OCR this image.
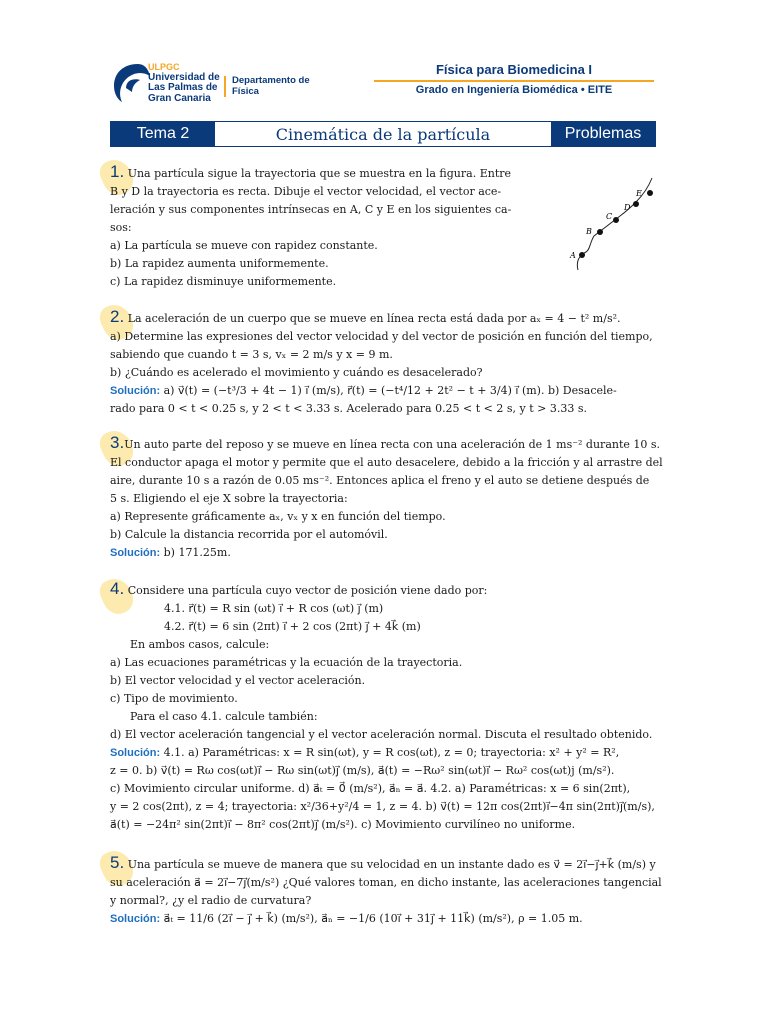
ULPGC
Universidad de
Las Palmas de
Gran Canaria
Departamento de
Física
Física para Biomedicina I
Grado en Ingeniería Biomédica • EITE
Tema 2	Cinemática de la partícula	Problemas
1. Una partícula sigue la trayectoria que se muestra en la figura. Entre
B y D la trayectoria es recta. Dibuje el vector velocidad, el vector ace-
leración y sus componentes intrínsecas en A, C y E en los siguientes ca-
sos:
a) La partícula se mueve con rapidez constante.
b) La rapidez aumenta uniformemente.
c) La rapidez disminuye uniformemente.
A
B
C
D
E
2. La aceleración de un cuerpo que se mueve en línea recta está dada por aₓ = 4 − t² m/s².
a) Determine las expresiones del vector velocidad y del vector de posición en función del tiempo,
sabiendo que cuando t = 3 s, vₓ = 2 m/s y x = 9 m.
b) ¿Cuándo es acelerado el movimiento y cuándo es desacelerado?
Solución: a) v⃗(t) = (−t³/3 + 4t − 1) i⃗ (m/s), r⃗(t) = (−t⁴/12 + 2t² − t + 3/4) i⃗ (m). b) Desacele-
rado para 0 < t < 0.25 s, y 2 < t < 3.33 s. Acelerado para 0.25 < t < 2 s, y t > 3.33 s.
3.Un auto parte del reposo y se mueve en línea recta con una aceleración de 1 ms⁻² durante 10 s.
El conductor apaga el motor y permite que el auto desacelere, debido a la fricción y al arrastre del
aire, durante 10 s a razón de 0.05 ms⁻². Entonces aplica el freno y el auto se detiene después de
5 s. Eligiendo el eje X sobre la trayectoria:
a) Represente gráficamente aₓ, vₓ y x en función del tiempo.
b) Calcule la distancia recorrida por el automóvil.
Solución: b) 171.25m.
4. Considere una partícula cuyo vector de posición viene dado por:
4.1. r⃗(t) = R sin (ωt) i⃗ + R cos (ωt) j⃗ (m)
4.2. r⃗(t) = 6 sin (2πt) i⃗ + 2 cos (2πt) j⃗ + 4k⃗ (m)
En ambos casos, calcule:
a) Las ecuaciones paramétricas y la ecuación de la trayectoria.
b) El vector velocidad y el vector aceleración.
c) Tipo de movimiento.
Para el caso 4.1. calcule también:
d) El vector aceleración tangencial y el vector aceleración normal. Discuta el resultado obtenido.
Solución: 4.1. a) Paramétricas: x = R sin(ωt), y = R cos(ωt), z = 0; trayectoria: x² + y² = R²,
z = 0. b) v⃗(t) = Rω cos(ωt)i⃗ − Rω sin(ωt)j⃗ (m/s), a⃗(t) = −Rω² sin(ωt)i⃗ − Rω² cos(ωt)j (m/s²).
c) Movimiento circular uniforme. d) a⃗ₜ = 0⃗ (m/s²), a⃗ₙ = a⃗. 4.2. a) Paramétricas: x = 6 sin(2πt),
y = 2 cos(2πt), z = 4; trayectoria: x²/36+y²/4 = 1, z = 4. b) v⃗(t) = 12π cos(2πt)i⃗−4π sin(2πt)j⃗(m/s),
a⃗(t) = −24π² sin(2πt)i⃗ − 8π² cos(2πt)j⃗ (m/s²). c) Movimiento curvilíneo no uniforme.
5. Una partícula se mueve de manera que su velocidad en un instante dado es v⃗ = 2i⃗−j⃗+k⃗ (m/s) y
su aceleración a⃗ = 2i⃗−7j⃗(m/s²) ¿Qué valores toman, en dicho instante, las aceleraciones tangencial
y normal?, ¿y el radio de curvatura?
Solución: a⃗ₜ = 11/6 (2i⃗ − j⃗ + k⃗) (m/s²), a⃗ₙ = −1/6 (10i⃗ + 31j⃗ + 11k⃗) (m/s²), ρ = 1.05 m.
